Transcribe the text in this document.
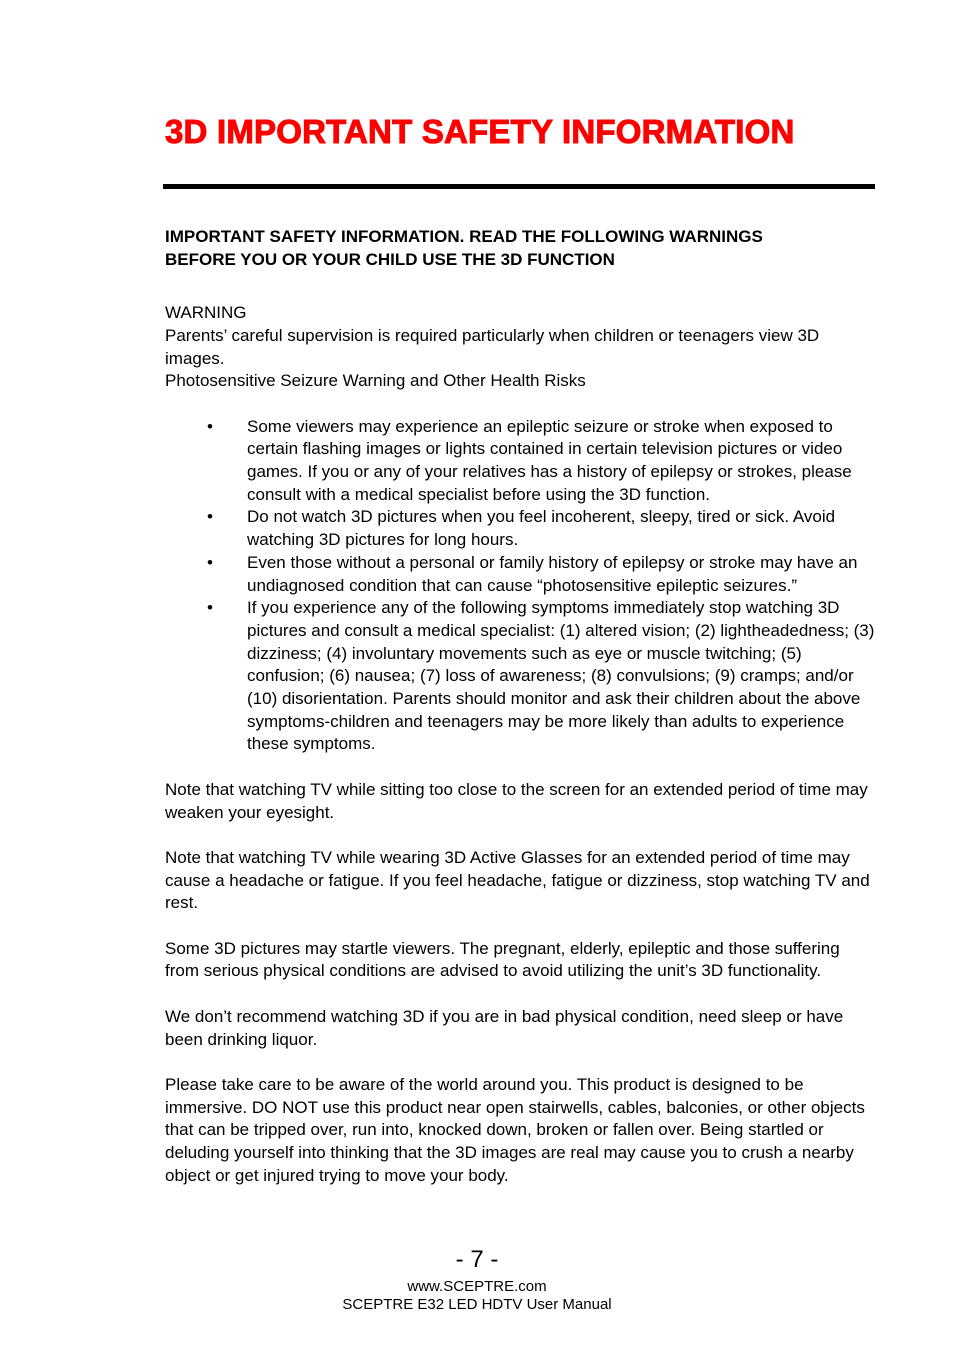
3D IMPORTANT SAFETY INFORMATION

IMPORTANT SAFETY INFORMATION. READ THE FOLLOWING WARNINGS BEFORE YOU OR YOUR CHILD USE THE 3D FUNCTION

WARNING

Parents’ careful supervision is required particularly when children or teenagers view 3D images.

Photosensitive Seizure Warning and Other Health Risks

• Some viewers may experience an epileptic seizure or stroke when exposed to certain flashing images or lights contained in certain television pictures or video games. If you or any of your relatives has a history of epilepsy or strokes, please consult with a medical specialist before using the 3D function.
• Do not watch 3D pictures when you feel incoherent, sleepy, tired or sick. Avoid watching 3D pictures for long hours.
• Even those without a personal or family history of epilepsy or stroke may have an undiagnosed condition that can cause “photosensitive epileptic seizures.”
• If you experience any of the following symptoms immediately stop watching 3D pictures and consult a medical specialist: (1) altered vision; (2) lightheadedness; (3) dizziness; (4) involuntary movements such as eye or muscle twitching; (5) confusion; (6) nausea; (7) loss of awareness; (8) convulsions; (9) cramps; and/or (10) disorientation. Parents should monitor and ask their children about the above symptoms-children and teenagers may be more likely than adults to experience these symptoms.

Note that watching TV while sitting too close to the screen for an extended period of time may weaken your eyesight.

Note that watching TV while wearing 3D Active Glasses for an extended period of time may cause a headache or fatigue. If you feel headache, fatigue or dizziness, stop watching TV and rest.

Some 3D pictures may startle viewers. The pregnant, elderly, epileptic and those suffering from serious physical conditions are advised to avoid utilizing the unit’s 3D functionality.

We don’t recommend watching 3D if you are in bad physical condition, need sleep or have been drinking liquor.

Please take care to be aware of the world around you. This product is designed to be immersive. DO NOT use this product near open stairwells, cables, balconies, or other objects that can be tripped over, run into, knocked down, broken or fallen over. Being startled or deluding yourself into thinking that the 3D images are real may cause you to crush a nearby object or get injured trying to move your body.

- 7 -
www.SCEPTRE.com
SCEPTRE E32 LED HDTV User Manual
